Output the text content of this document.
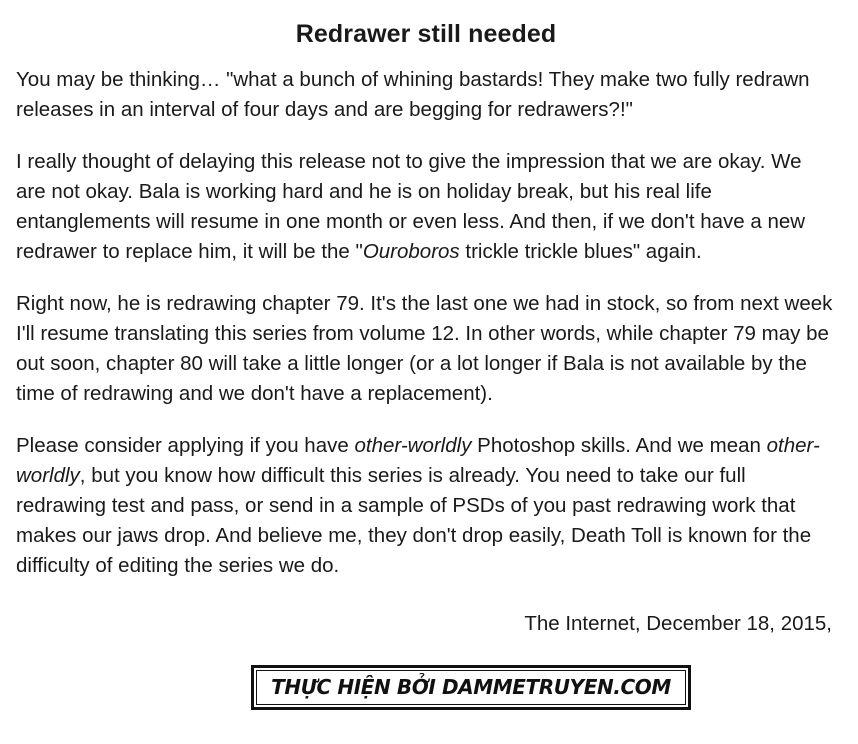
Redrawer still needed

You may be thinking… "what a bunch of whining bastards! They make two fully redrawn releases in an interval of four days and are begging for redrawers?!"

I really thought of delaying this release not to give the impression that we are okay. We are not okay. Bala is working hard and he is on holiday break, but his real life entanglements will resume in one month or even less. And then, if we don't have a new redrawer to replace him, it will be the "Ouroboros trickle trickle blues" again.

Right now, he is redrawing chapter 79. It's the last one we had in stock, so from next week I'll resume translating this series from volume 12. In other words, while chapter 79 may be out soon, chapter 80 will take a little longer (or a lot longer if Bala is not available by the time of redrawing and we don't have a replacement).

Please consider applying if you have other-worldly Photoshop skills. And we mean other-worldly, but you know how difficult this series is already. You need to take our full redrawing test and pass, or send in a sample of PSDs of you past redrawing work that makes our jaws drop. And believe me, they don't drop easily, Death Toll is known for the difficulty of editing the series we do.

The Internet, December 18, 2015,
THỰC HIỆN BỞI DAMMETRUYEN.COM
